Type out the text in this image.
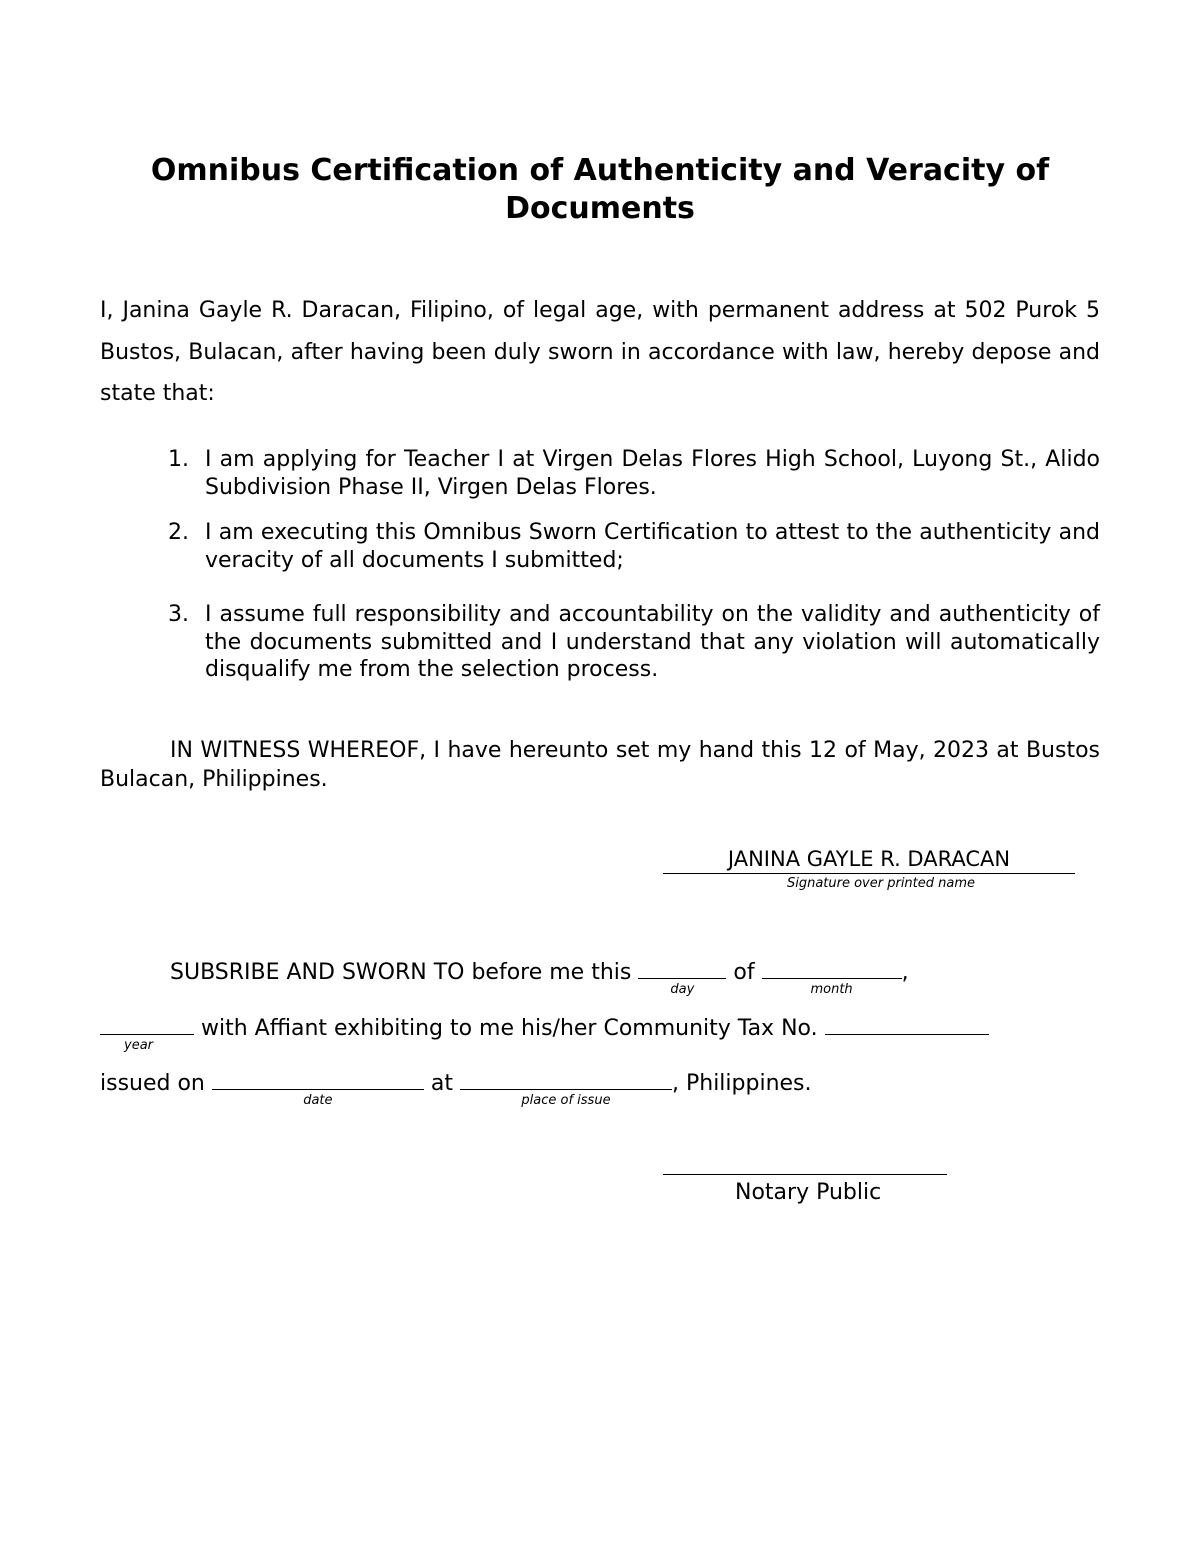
Omnibus Certification of Authenticity and Veracity of Documents
I, Janina Gayle R. Daracan, Filipino, of legal age, with permanent address at 502 Purok 5 Bustos, Bulacan, after having been duly sworn in accordance with law, hereby depose and state that:
1. I am applying for Teacher I at Virgen Delas Flores High School, Luyong St., Alido Subdivision Phase II, Virgen Delas Flores.
2. I am executing this Omnibus Sworn Certification to attest to the authenticity and veracity of all documents I submitted;
3. I assume full responsibility and accountability on the validity and authenticity of the documents submitted and I understand that any violation will automatically disqualify me from the selection process.
IN WITNESS WHEREOF, I have hereunto set my hand this 12 of May, 2023 at Bustos Bulacan, Philippines.
JANINA GAYLE R. DARACAN
Signature over printed name
SUBSRIBE AND SWORN TO before me this
day
of
month
,
year
with Affiant exhibiting to me his/her Community Tax No.
issued on
date
at
place of issue
, Philippines.
Notary Public
